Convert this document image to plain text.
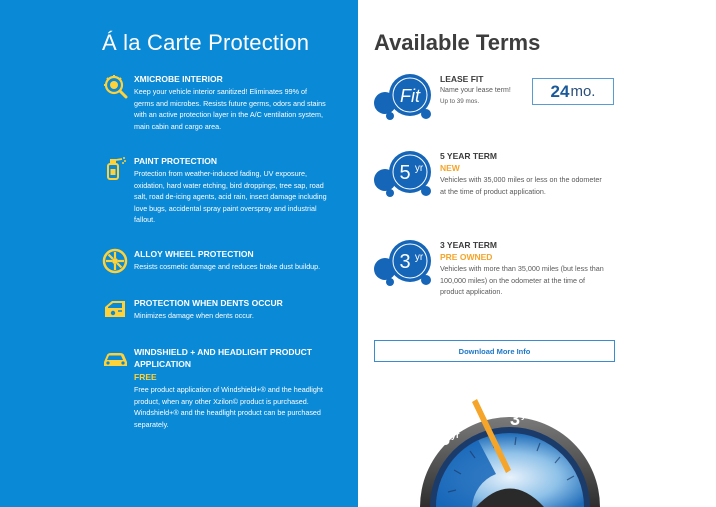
Á la Carte Protection
XMICROBE INTERIOR
Keep your vehicle interior sanitized! Eliminates 99% of
germs and microbes. Resists future germs, odors and stains
with an active protection layer in the A/C ventilation system,
main cabin and cargo area.
PAINT PROTECTION
Protection from weather-induced fading, UV exposure,
oxidation, hard water etching, bird droppings, tree sap, road
salt, road de-icing agents, acid rain, insect damage including
love bugs, accidental spray paint overspray and industrial
fallout.
ALLOY WHEEL PROTECTION
Resists cosmetic damage and reduces brake dust buildup.
PROTECTION WHEN DENTS OCCUR
Minimizes damage when dents occur.
WINDSHIELD + AND HEADLIGHT PRODUCT
APPLICATION
FREE
Free product application of Windshield+® and the headlight
product, when any other Xzilon© product is purchased.
Windshield+® and the headlight product can be purchased
separately.
Available Terms
Fit
LEASE FIT
Name your lease term!
Up to 39 mos.
24 mo.
5 yr
5 YEAR TERM
NEW
Vehicles with 35,000 miles or less on the odometer
at the time of product application.
3 yr
3 YEAR TERM
PRE OWNED
Vehicles with more than 35,000 miles (but less than
100,000 miles) on the odometer at the time of
product application.
Download More Info
5 yr
3 yr
